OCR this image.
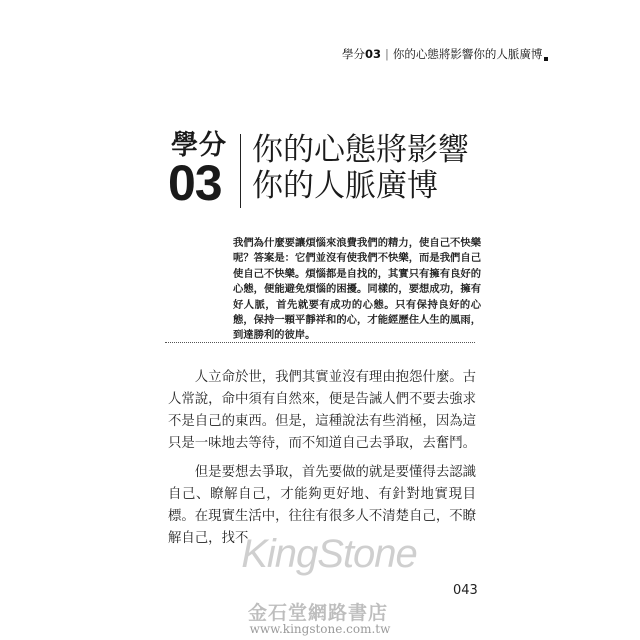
學分03 | 你的心態將影響你的人脈廣博
學分
03
你的心態將影響
你的人脈廣博
我們為什麼要讓煩惱來浪費我們的精力，使自己不快樂呢？答案是：它們並沒有使我們不快樂，而是我們自己使自己不快樂。煩惱都是自找的，其實只有擁有良好的心態，便能避免煩惱的困擾。同樣的，要想成功，擁有好人脈，首先就要有成功的心態。只有保持良好的心態，保持一顆平靜祥和的心，才能經歷住人生的風雨，到達勝利的彼岸。

人立命於世，我們其實並沒有理由抱怨什麼。古人常說，命中須有自然來，便是告誡人們不要去強求不是自己的東西。但是，這種說法有些消極，因為這只是一味地去等待，而不知道自己去爭取，去奮鬥。

但是要想去爭取，首先要做的就是要懂得去認識自己、瞭解自己，才能夠更好地、有針對地實現目標。在現實生活中，往往有很多人不清楚自己，不瞭解自己，找不

KingStone
043
金石堂網路書店
www.kingstone.com.tw
